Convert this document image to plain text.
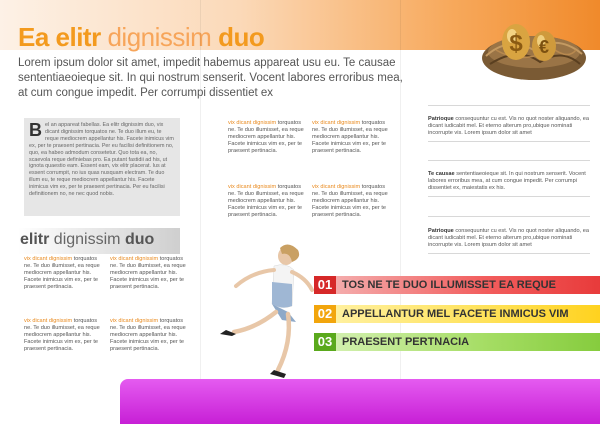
Ea elitr dignissim duo	$ €

Lorem ipsum dolor sit amet, impedit habemus appareat usu eu. Te causae sententiaeoieque sit. In qui nostrum senserit. Vocent labores erroribus mea, at cum congue impedit. Per corrumpi dissentiet ex

B el an appareat fabellas. Ea elitr dignissim duo, vix dicant dignissim torquatos ne. Te duo illum eu, te reque mediocrem appellantur his. Facete inimicus vim ex, per te praesent pertinacia. Per eu facilisi definitionem no, quo, ea habeo admodum consetetur. Quo tota ea, no, scaevola reque definiebas pro. Ea putant fastidii ad his, ut ignota quaestio eam. Essent eam, vix elitr placerat. Ius at essent corrumpit, no ius quas nusquam electram. Te duo illum eu, te reque mediocrem appellantur his. Facete inimicus vim ex, per te praesent pertinacia. Per eu facilisi definitionem no, ne nec quod nobis.
elitr dignissim duo
vix dicant dignissim torquatos ne. Te duo illumisset, ea reque mediocrem appellantur his. Facete inimicus vim ex, per te praesent pertinacia.
vix dicant dignissim torquatos ne. Te duo illumisset, ea reque mediocrem appellantur his. Facete inimicus vim ex, per te praesent pertinacia.
vix dicant dignissim torquatos ne. Te duo illumisset, ea reque mediocrem appellantur his. Facete inimicus vim ex, per te praesent pertinacia.
vix dicant dignissim torquatos ne. Te duo illumisset, ea reque mediocrem appellantur his. Facete inimicus vim ex, per te praesent pertinacia.
vix dicant dignissim torquatos ne. Te duo illumisset, ea reque mediocrem appellantur his. Facete inimicus vim ex, per te praesent pertinacia.
vix dicant dignissim torquatos ne. Te duo illumisset, ea reque mediocrem appellantur his. Facete inimicus vim ex, per te praesent pertinacia.
vix dicant dignissim torquatos ne. Te duo illumisset, ea reque mediocrem appellantur his. Facete inimicus vim ex, per te praesent pertinacia.
vix dicant dignissim torquatos ne. Te duo illumisset, ea reque mediocrem appellantur his. Facete inimicus vim ex, per te praesent pertinacia.
Patrioque consequuntur cu est. Vis no quot noster aliquando, ea dicant iudicabit mel. Et eterno alterum pro,ubique nominati incorrupte vis. Lorem ipsum dolor sit amet
Te causae sententiaeoieque sit. In qui nostrum senserit. Vocent labores erroribus mea, at cum congue impedit. Per corrumpi dissentiet ex, maiestatis ex his.
Patrioque consequuntur cu est. Vis no quot noster aliquando, ea dicant iudicabit mel. Et eterno alterum pro,ubique nominati incorrupte vis. Lorem ipsum dolor sit amet
01 TOS NE TE DUO ILLUMISSET EA REQUE
02 APPELLANTUR MEL FACETE INMICUS VIM
03 PRAESENT PERTNACIA
